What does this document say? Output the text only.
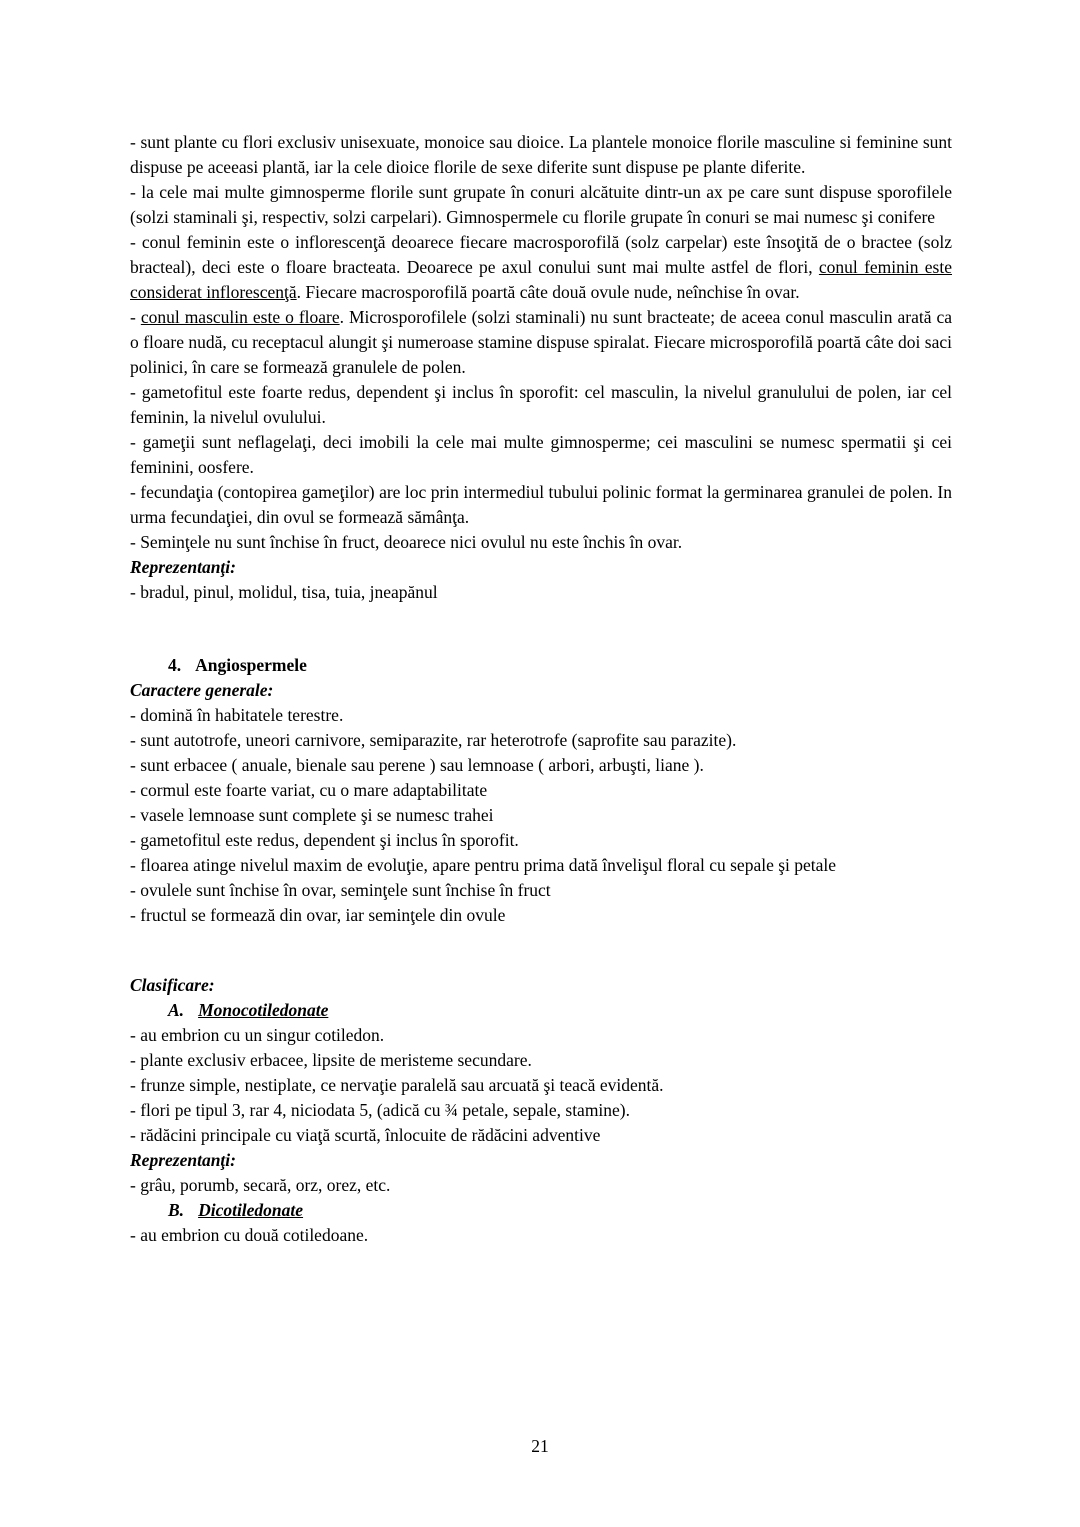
- sunt plante cu flori exclusiv unisexuate, monoice sau dioice. La plantele monoice florile masculine si feminine sunt dispuse pe aceeasi plantă, iar la cele dioice florile de sexe diferite sunt dispuse pe plante diferite.

- la cele mai multe gimnosperme florile sunt grupate în conuri alcătuite dintr-un ax pe care sunt dispuse sporofilele (solzi staminali şi, respectiv, solzi carpelari). Gimnospermele cu florile grupate în conuri se mai numesc şi conifere

- conul feminin este o inflorescenţă deoarece fiecare macrosporofilă (solz carpelar) este însoţită de o bractee (solz bracteal), deci este o floare bracteata. Deoarece pe axul conului sunt mai multe astfel de flori, conul feminin este considerat inflorescenţă. Fiecare macrosporofilă poartă câte două ovule nude, neînchise în ovar.

- conul masculin este o floare. Microsporofilele (solzi staminali) nu sunt bracteate; de aceea conul masculin arată ca o floare nudă, cu receptacul alungit şi numeroase stamine dispuse spiralat. Fiecare microsporofilă poartă câte doi saci polinici, în care se formează granulele de polen.

- gametofitul este foarte redus, dependent şi inclus în sporofit: cel masculin, la nivelul granulului de polen, iar cel feminin, la nivelul ovulului.

- gameţii sunt neflagelaţi, deci imobili la cele mai multe gimnosperme; cei masculini se numesc spermatii şi cei feminini, oosfere.

- fecundaţia (contopirea gameţilor) are loc prin intermediul tubului polinic format la germinarea granulei de polen. In urma fecundaţiei, din ovul se formează sămânţa.

- Seminţele nu sunt închise în fruct, deoarece nici ovulul nu este închis în ovar.

Reprezentanţi:

- bradul, pinul, molidul, tisa, tuia, jneapănul

4. Angiospermele

Caractere generale:

- domină în habitatele terestre.

- sunt autotrofe, uneori carnivore, semiparazite, rar heterotrofe (saprofite sau parazite).

- sunt erbacee ( anuale, bienale sau perene ) sau lemnoase ( arbori, arbuşti, liane ).

- cormul este foarte variat, cu o mare adaptabilitate

- vasele lemnoase sunt complete şi se numesc trahei

- gametofitul este redus, dependent şi inclus în sporofit.

- floarea atinge nivelul maxim de evoluţie, apare pentru prima dată învelişul floral cu sepale şi petale

- ovulele sunt închise în ovar, seminţele sunt închise în fruct

- fructul se formează din ovar, iar seminţele din ovule

Clasificare:

A. Monocotiledonate

- au embrion cu un singur cotiledon.

- plante exclusiv erbacee, lipsite de meristeme secundare.

- frunze simple, nestiplate, ce nervaţie paralelă sau arcuată şi teacă evidentă.

- flori pe tipul 3, rar 4, niciodata 5, (adică cu ¾ petale, sepale, stamine).

- rădăcini principale cu viaţă scurtă, înlocuite de rădăcini adventive

Reprezentanţi:

- grâu, porumb, secară, orz, orez, etc.

B. Dicotiledonate

- au embrion cu două cotiledoane.

21
